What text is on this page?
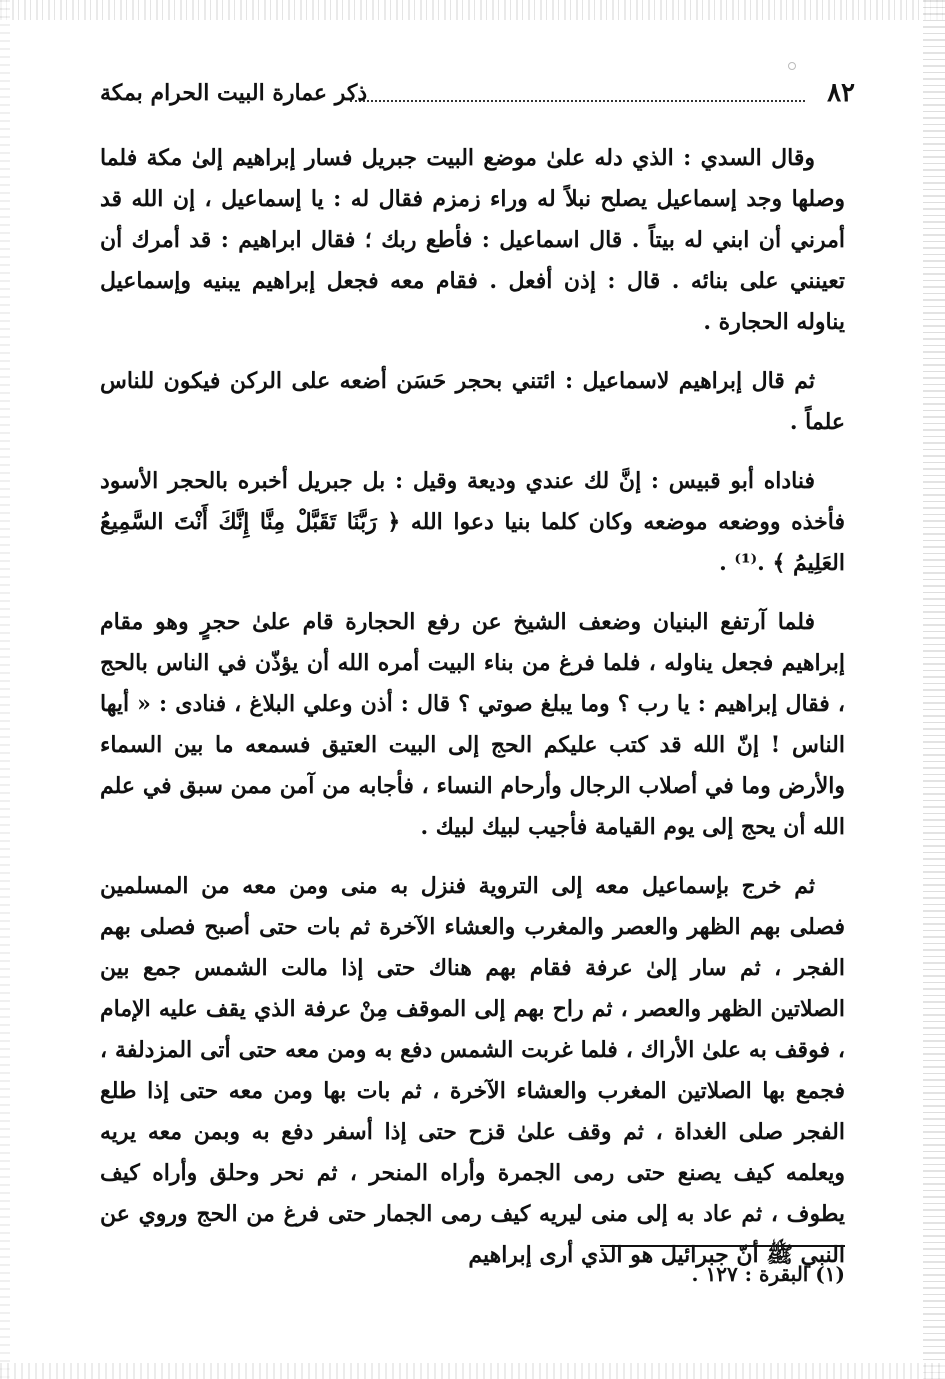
٨٢
ذكر عمارة البيت الحرام بمكة

وقال السدي : الذي دله علىٰ موضع البيت جبريل فسار إبراهيم إلىٰ مكة فلما وصلها وجد إسماعيل يصلح نبلاً له وراء زمزم فقال له : يا إسماعيل ، إن الله قد أمرني أن ابني له بيتاً . قال اسماعيل : فأطع ربك ؛ فقال ابراهيم : قد أمرك أن تعينني على بنائه . قال : إذن أفعل . فقام معه فجعل إبراهيم يبنيه وإسماعيل يناوله الحجارة .

ثم قال إبراهيم لاسماعيل : ائتني بحجر حَسَن أضعه على الركن فيكون للناس علماً .

فناداه أبو قبيس : إنَّ لك عندي وديعة وقيل : بل جبريل أخبره بالحجر الأسود فأخذه ووضعه موضعه وكان كلما بنيا دعوا الله ﴿ رَبَّنَا تَقَبَّلْ مِنَّا إِنَّكَ أَنْتَ السَّمِيعُ العَلِيمُ ﴾ .⁽¹⁾ .

فلما آرتفع البنيان وضعف الشيخ عن رفع الحجارة قام علىٰ حجرٍ وهو مقام إبراهيم فجعل يناوله ، فلما فرغ من بناء البيت أمره الله أن يؤذّن في الناس بالحج ، فقال إبراهيم : يا رب ؟ وما يبلغ صوتي ؟ قال : أذن وعلي البلاغ ، فنادى : « أيها الناس ! إنّ الله قد كتب عليكم الحج إلى البيت العتيق فسمعه ما بين السماء والأرض وما في أصلاب الرجال وأرحام النساء ، فأجابه من آمن ممن سبق في علم الله أن يحج إلى يوم القيامة فأجيب لبيك لبيك .

ثم خرج بإسماعيل معه إلى التروية فنزل به منى ومن معه من المسلمين فصلى بهم الظهر والعصر والمغرب والعشاء الآخرة ثم بات حتى أصبح فصلى بهم الفجر ، ثم سار إلىٰ عرفة فقام بهم هناك حتى إذا مالت الشمس جمع بين الصلاتين الظهر والعصر ، ثم راح بهم إلى الموقف مِنْ عرفة الذي يقف عليه الإمام ، فوقف به علىٰ الأراك ، فلما غربت الشمس دفع به ومن معه حتى أتى المزدلفة ، فجمع بها الصلاتين المغرب والعشاء الآخرة ، ثم بات بها ومن معه حتى إذا طلع الفجر صلى الغداة ، ثم وقف علىٰ قزح حتى إذا أسفر دفع به وبمن معه يريه ويعلمه كيف يصنع حتى رمى الجمرة وأراه المنحر ، ثم نحر وحلق وأراه كيف يطوف ، ثم عاد به إلى منى ليريه كيف رمى الجمار حتى فرغ من الحج وروي عن النبي ﷺ أنّ جبرائيل هو الذي أرى إبراهيم

(١) البقرة : ١٢٧ .
